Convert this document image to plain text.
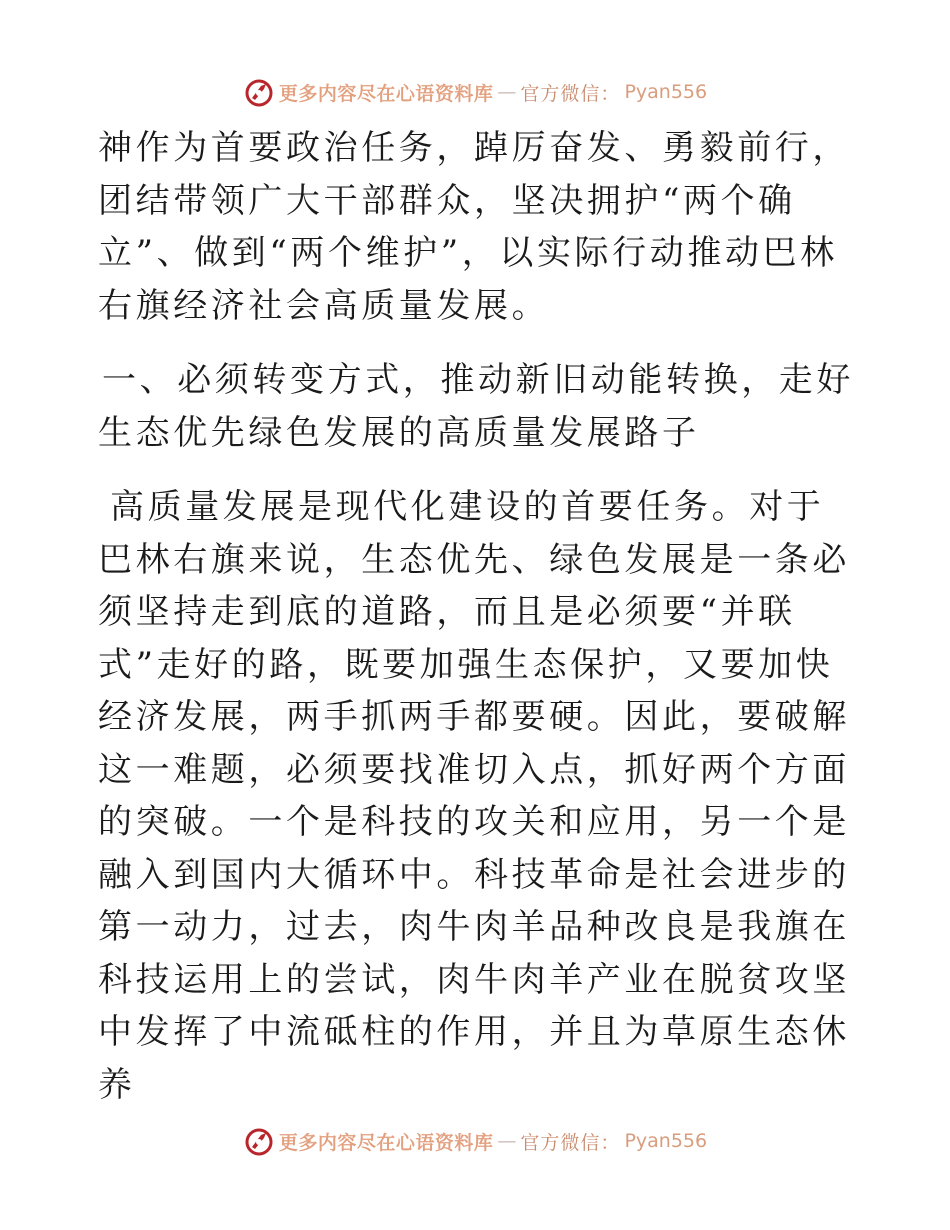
更多内容尽在心语资料库 — 官方微信： Pyan556

神作为首要政治任务，踔厉奋发、勇毅前行，团结带领广大干部群众，坚决拥护“两个确立”、做到“两个维护”，以实际行动推动巴林右旗经济社会高质量发展。

一、必须转变方式，推动新旧动能转换，走好生态优先绿色发展的高质量发展路子

高质量发展是现代化建设的首要任务。对于巴林右旗来说，生态优先、绿色发展是一条必须坚持走到底的道路，而且是必须要“并联式”走好的路，既要加强生态保护，又要加快经济发展，两手抓两手都要硬。因此，要破解这一难题，必须要找准切入点，抓好两个方面的突破。一个是科技的攻关和应用，另一个是融入到国内大循环中。科技革命是社会进步的第一动力，过去，肉牛肉羊品种改良是我旗在科技运用上的尝试，肉牛肉羊产业在脱贫攻坚中发挥了中流砥柱的作用，并且为草原生态休养

更多内容尽在心语资料库 — 官方微信： Pyan556
